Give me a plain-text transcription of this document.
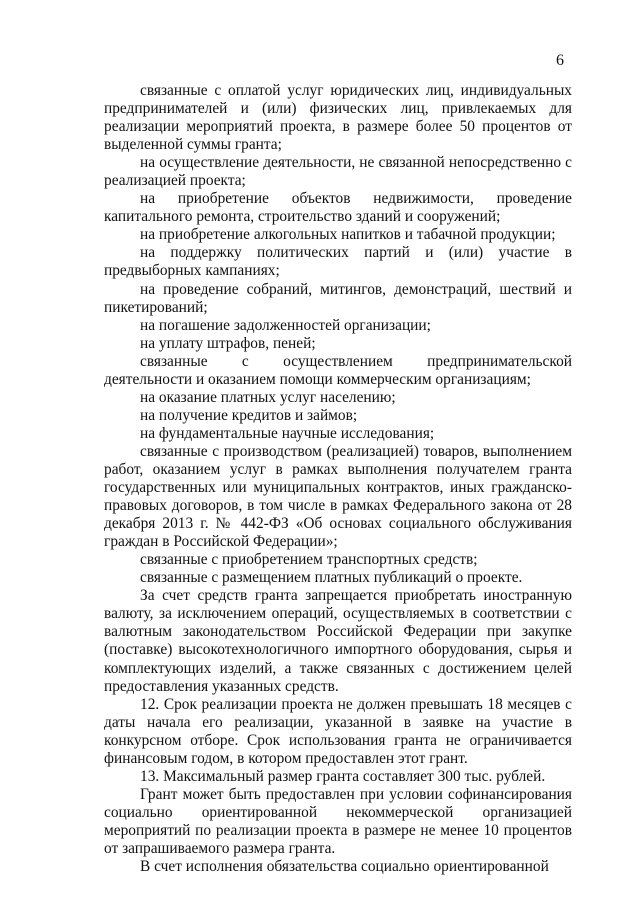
6

связанные с оплатой услуг юридических лиц, индивидуальных предпринимателей и (или) физических лиц, привлекаемых для реализации мероприятий проекта, в размере более 50 процентов от выделенной суммы гранта;

на осуществление деятельности, не связанной непосредственно с реализацией проекта;

на приобретение объектов недвижимости, проведение капитального ремонта, строительство зданий и сооружений;

на приобретение алкогольных напитков и табачной продукции;

на поддержку политических партий и (или) участие в предвыборных кампаниях;

на проведение собраний, митингов, демонстраций, шествий и пикетирований;

на погашение задолженностей организации;

на уплату штрафов, пеней;

связанные с осуществлением предпринимательской деятельности и оказанием помощи коммерческим организациям;

на оказание платных услуг населению;

на получение кредитов и займов;

на фундаментальные научные исследования;

связанные с производством (реализацией) товаров, выполнением работ, оказанием услуг в рамках выполнения получателем гранта государственных или муниципальных контрактов, иных гражданско-правовых договоров, в том числе в рамках Федерального закона от 28 декабря 2013 г. № 442-ФЗ «Об основах социального обслуживания граждан в Российской Федерации»;

связанные с приобретением транспортных средств;

связанные с размещением платных публикаций о проекте.

За счет средств гранта запрещается приобретать иностранную валюту, за исключением операций, осуществляемых в соответствии с валютным законодательством Российской Федерации при закупке (поставке) высокотехнологичного импортного оборудования, сырья и комплектующих изделий, а также связанных с достижением целей предоставления указанных средств.

12. Срок реализации проекта не должен превышать 18 месяцев с даты начала его реализации, указанной в заявке на участие в конкурсном отборе. Срок использования гранта не ограничивается финансовым годом, в котором предоставлен этот грант.

13. Максимальный размер гранта составляет 300 тыс. рублей.

Грант может быть предоставлен при условии софинансирования социально ориентированной некоммерческой организацией мероприятий по реализации проекта в размере не менее 10 процентов от запрашиваемого размера гранта.

В счет исполнения обязательства социально ориентированной
